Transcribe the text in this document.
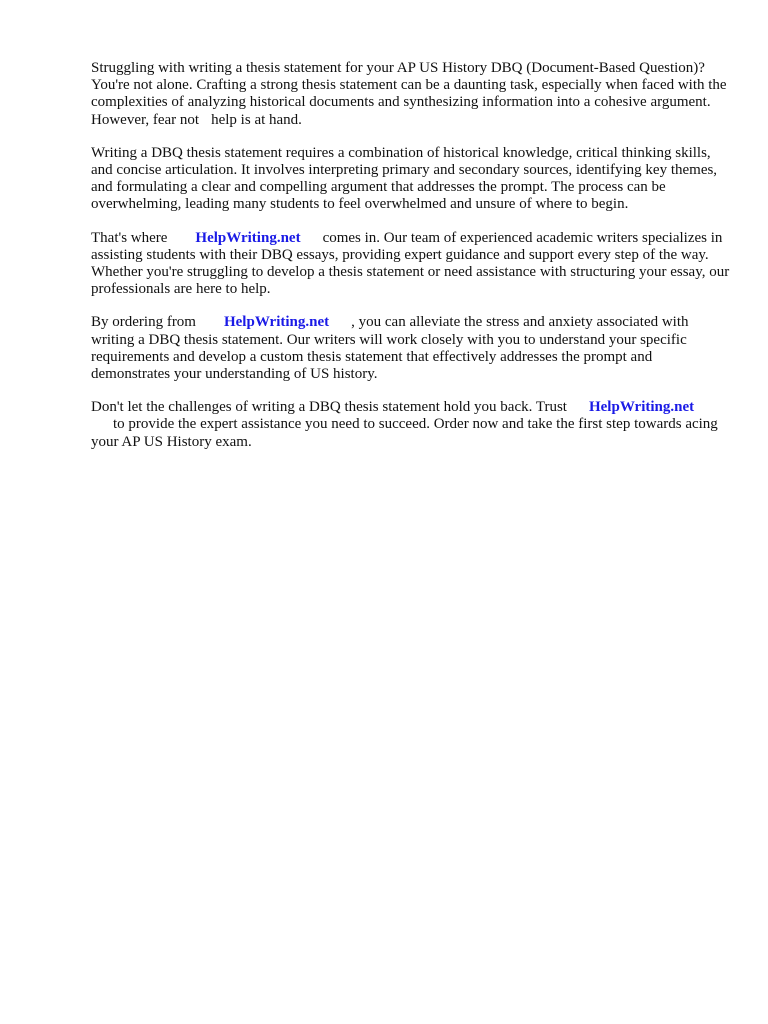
Struggling with writing a thesis statement for your AP US History DBQ (Document-Based Question)? You're not alone. Crafting a strong thesis statement can be a daunting task, especially when faced with the complexities of analyzing historical documents and synthesizing information into a cohesive argument. However, fear not help is at hand.

Writing a DBQ thesis statement requires a combination of historical knowledge, critical thinking skills, and concise articulation. It involves interpreting primary and secondary sources, identifying key themes, and formulating a clear and compelling argument that addresses the prompt. The process can be overwhelming, leading many students to feel overwhelmed and unsure of where to begin.

That's where HelpWriting.net comes in. Our team of experienced academic writers specializes in assisting students with their DBQ essays, providing expert guidance and support every step of the way. Whether you're struggling to develop a thesis statement or need assistance with structuring your essay, our professionals are here to help.

By ordering from HelpWriting.net , you can alleviate the stress and anxiety associated with writing a DBQ thesis statement. Our writers will work closely with you to understand your specific requirements and develop a custom thesis statement that effectively addresses the prompt and demonstrates your understanding of US history.

Don't let the challenges of writing a DBQ thesis statement hold you back. Trust HelpWriting.net
to provide the expert assistance you need to succeed. Order now and take the first step towards acing your AP US History exam.
